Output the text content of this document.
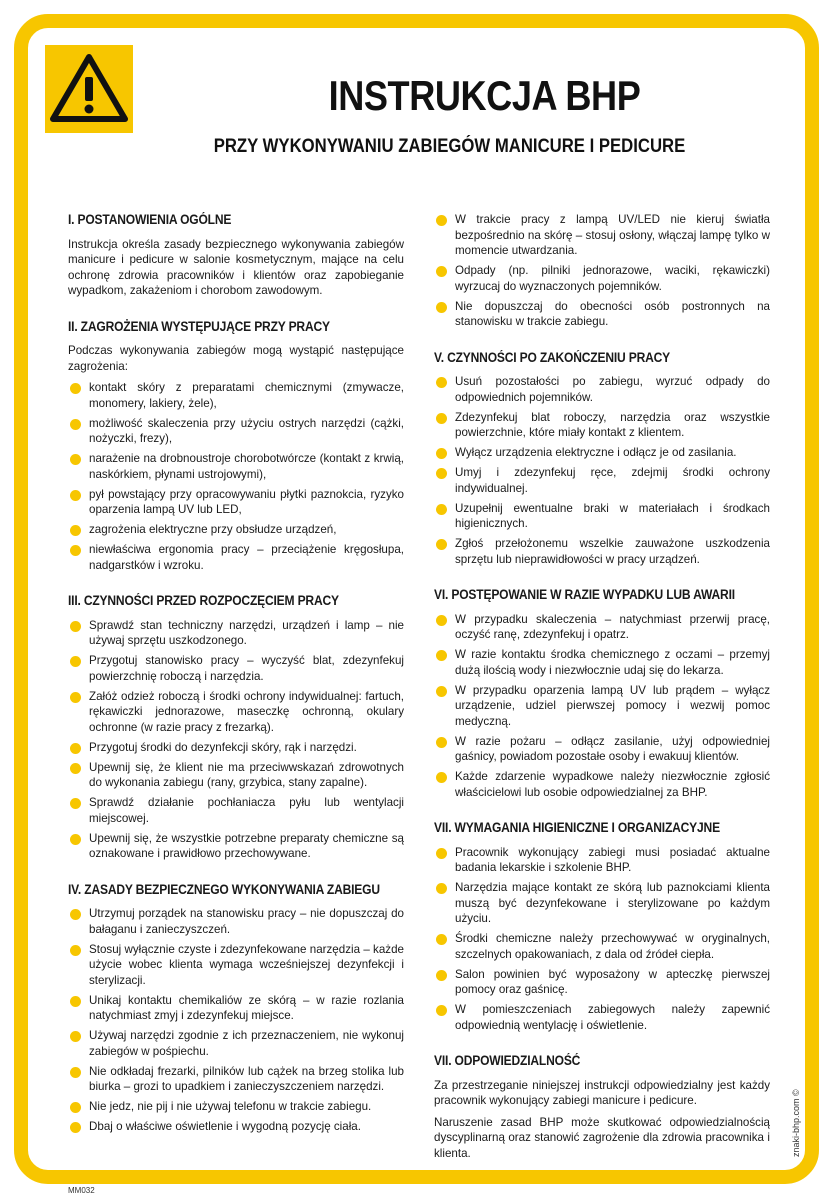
INSTRUKCJA BHP
PRZY WYKONYWANIU ZABIEGÓW MANICURE I PEDICURE
I. POSTANOWIENIA OGÓLNE

Instrukcja określa zasady bezpiecznego wykonywania zabiegów manicure i pedicure w salonie kosmetycznym, mające na celu ochronę zdrowia pracowników i klientów oraz zapobieganie wypadkom, zakażeniom i chorobom zawodowym.

II. ZAGROŻENIA WYSTĘPUJĄCE PRZY PRACY

Podczas wykonywania zabiegów mogą wystąpić następujące zagrożenia:

kontakt skóry z preparatami chemicznymi (zmywacze, monomery, lakiery, żele),
możliwość skaleczenia przy użyciu ostrych narzędzi (cążki, nożyczki, frezy),
narażenie na drobnoustroje chorobotwórcze (kontakt z krwią, naskórkiem, płynami ustrojowymi),
pył powstający przy opracowywaniu płytki paznokcia, ryzyko oparzenia lampą UV lub LED,
zagrożenia elektryczne przy obsłudze urządzeń,
niewłaściwa ergonomia pracy – przeciążenie kręgosłupa, nadgarstków i wzroku.
III. CZYNNOŚCI PRZED ROZPOCZĘCIEM PRACY
Sprawdź stan techniczny narzędzi, urządzeń i lamp – nie używaj sprzętu uszkodzonego.
Przygotuj stanowisko pracy – wyczyść blat, zdezynfekuj powierzchnię roboczą i narzędzia.
Załóż odzież roboczą i środki ochrony indywidualnej: fartuch, rękawiczki jednorazowe, maseczkę ochronną, okulary ochronne (w razie pracy z frezarką).
Przygotuj środki do dezynfekcji skóry, rąk i narzędzi.
Upewnij się, że klient nie ma przeciwwskazań zdrowotnych do wykonania zabiegu (rany, grzybica, stany zapalne).
Sprawdź działanie pochłaniacza pyłu lub wentylacji miejscowej.
Upewnij się, że wszystkie potrzebne preparaty chemiczne są oznakowane i prawidłowo przechowywane.
IV. ZASADY BEZPIECZNEGO WYKONYWANIA ZABIEGU
Utrzymuj porządek na stanowisku pracy – nie dopuszczaj do bałaganu i zanieczyszczeń.
Stosuj wyłącznie czyste i zdezynfekowane narzędzia – każde użycie wobec klienta wymaga wcześniejszej dezynfekcji i sterylizacji.
Unikaj kontaktu chemikaliów ze skórą – w razie rozlania natychmiast zmyj i zdezynfekuj miejsce.
Używaj narzędzi zgodnie z ich przeznaczeniem, nie wykonuj zabiegów w pośpiechu.
Nie odkładaj frezarki, pilników lub cążek na brzeg stolika lub biurka – grozi to upadkiem i zanieczyszczeniem narzędzi.
Nie jedz, nie pij i nie używaj telefonu w trakcie zabiegu.
Dbaj o właściwe oświetlenie i wygodną pozycję ciała.
W trakcie pracy z lampą UV/LED nie kieruj światła bezpośrednio na skórę – stosuj osłony, włączaj lampę tylko w momencie utwardzania.
Odpady (np. pilniki jednorazowe, waciki, rękawiczki) wyrzucaj do wyznaczonych pojemników.
Nie dopuszczaj do obecności osób postronnych na stanowisku w trakcie zabiegu.
V. CZYNNOŚCI PO ZAKOŃCZENIU PRACY
Usuń pozostałości po zabiegu, wyrzuć odpady do odpowiednich pojemników.
Zdezynfekuj blat roboczy, narzędzia oraz wszystkie powierzchnie, które miały kontakt z klientem.
Wyłącz urządzenia elektryczne i odłącz je od zasilania.
Umyj i zdezynfekuj ręce, zdejmij środki ochrony indywidualnej.
Uzupełnij ewentualne braki w materiałach i środkach higienicznych.
Zgłoś przełożonemu wszelkie zauważone uszkodzenia sprzętu lub nieprawidłowości w pracy urządzeń.
VI. POSTĘPOWANIE W RAZIE WYPADKU LUB AWARII
W przypadku skaleczenia – natychmiast przerwij pracę, oczyść ranę, zdezynfekuj i opatrz.
W razie kontaktu środka chemicznego z oczami – przemyj dużą ilością wody i niezwłocznie udaj się do lekarza.
W przypadku oparzenia lampą UV lub prądem – wyłącz urządzenie, udziel pierwszej pomocy i wezwij pomoc medyczną.
W razie pożaru – odłącz zasilanie, użyj odpowiedniej gaśnicy, powiadom pozostałe osoby i ewakuuj klientów.
Każde zdarzenie wypadkowe należy niezwłocznie zgłosić właścicielowi lub osobie odpowiedzialnej za BHP.
VII. WYMAGANIA HIGIENICZNE I ORGANIZACYJNE
Pracownik wykonujący zabiegi musi posiadać aktualne badania lekarskie i szkolenie BHP.
Narzędzia mające kontakt ze skórą lub paznokciami klienta muszą być dezynfekowane i sterylizowane po każdym użyciu.
Środki chemiczne należy przechowywać w oryginalnych, szczelnych opakowaniach, z dala od źródeł ciepła.
Salon powinien być wyposażony w apteczkę pierwszej pomocy oraz gaśnicę.
W pomieszczeniach zabiegowych należy zapewnić odpowiednią wentylację i oświetlenie.
VII. ODPOWIEDZIALNOŚĆ

Za przestrzeganie niniejszej instrukcji odpowiedzialny jest każdy pracownik wykonujący zabiegi manicure i pedicure.

Naruszenie zasad BHP może skutkować odpowiedzialnością dyscyplinarną oraz stanowić zagrożenie dla zdrowia pracownika i klienta.

MM032
znaki-bhp.com ©
